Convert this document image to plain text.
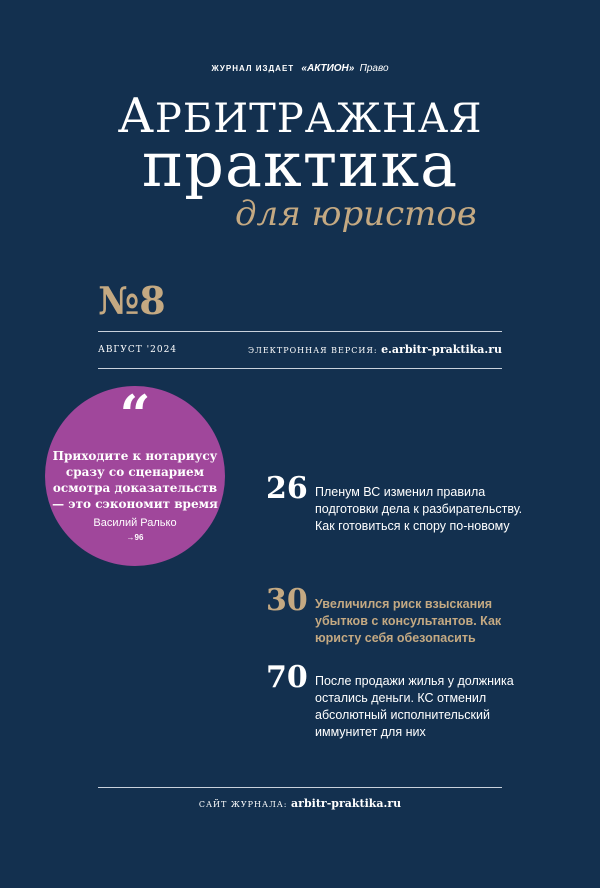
ЖУРНАЛ ИЗДАЕТ «АКТИОН» Право
АРБИТРАЖНАЯ
практика
для юристов
№8
АВГУСТ '2024	ЭЛЕКТРОННАЯ ВЕРСИЯ: e.arbitr-praktika.ru
“
Приходите к нотариусу сразу со сценарием осмотра доказательств — это сэкономит время
Василий Ралько
→96
26 Пленум ВС изменил правила подготовки дела к разбирательству. Как готовиться к спору по-новому
30 Увеличился риск взыскания убытков с консультантов. Как юристу себя обезопасить
70 После продажи жилья у должника остались деньги. КС отменил абсолютный исполнительский иммунитет для них
САЙТ ЖУРНАЛА: arbitr-praktika.ru
